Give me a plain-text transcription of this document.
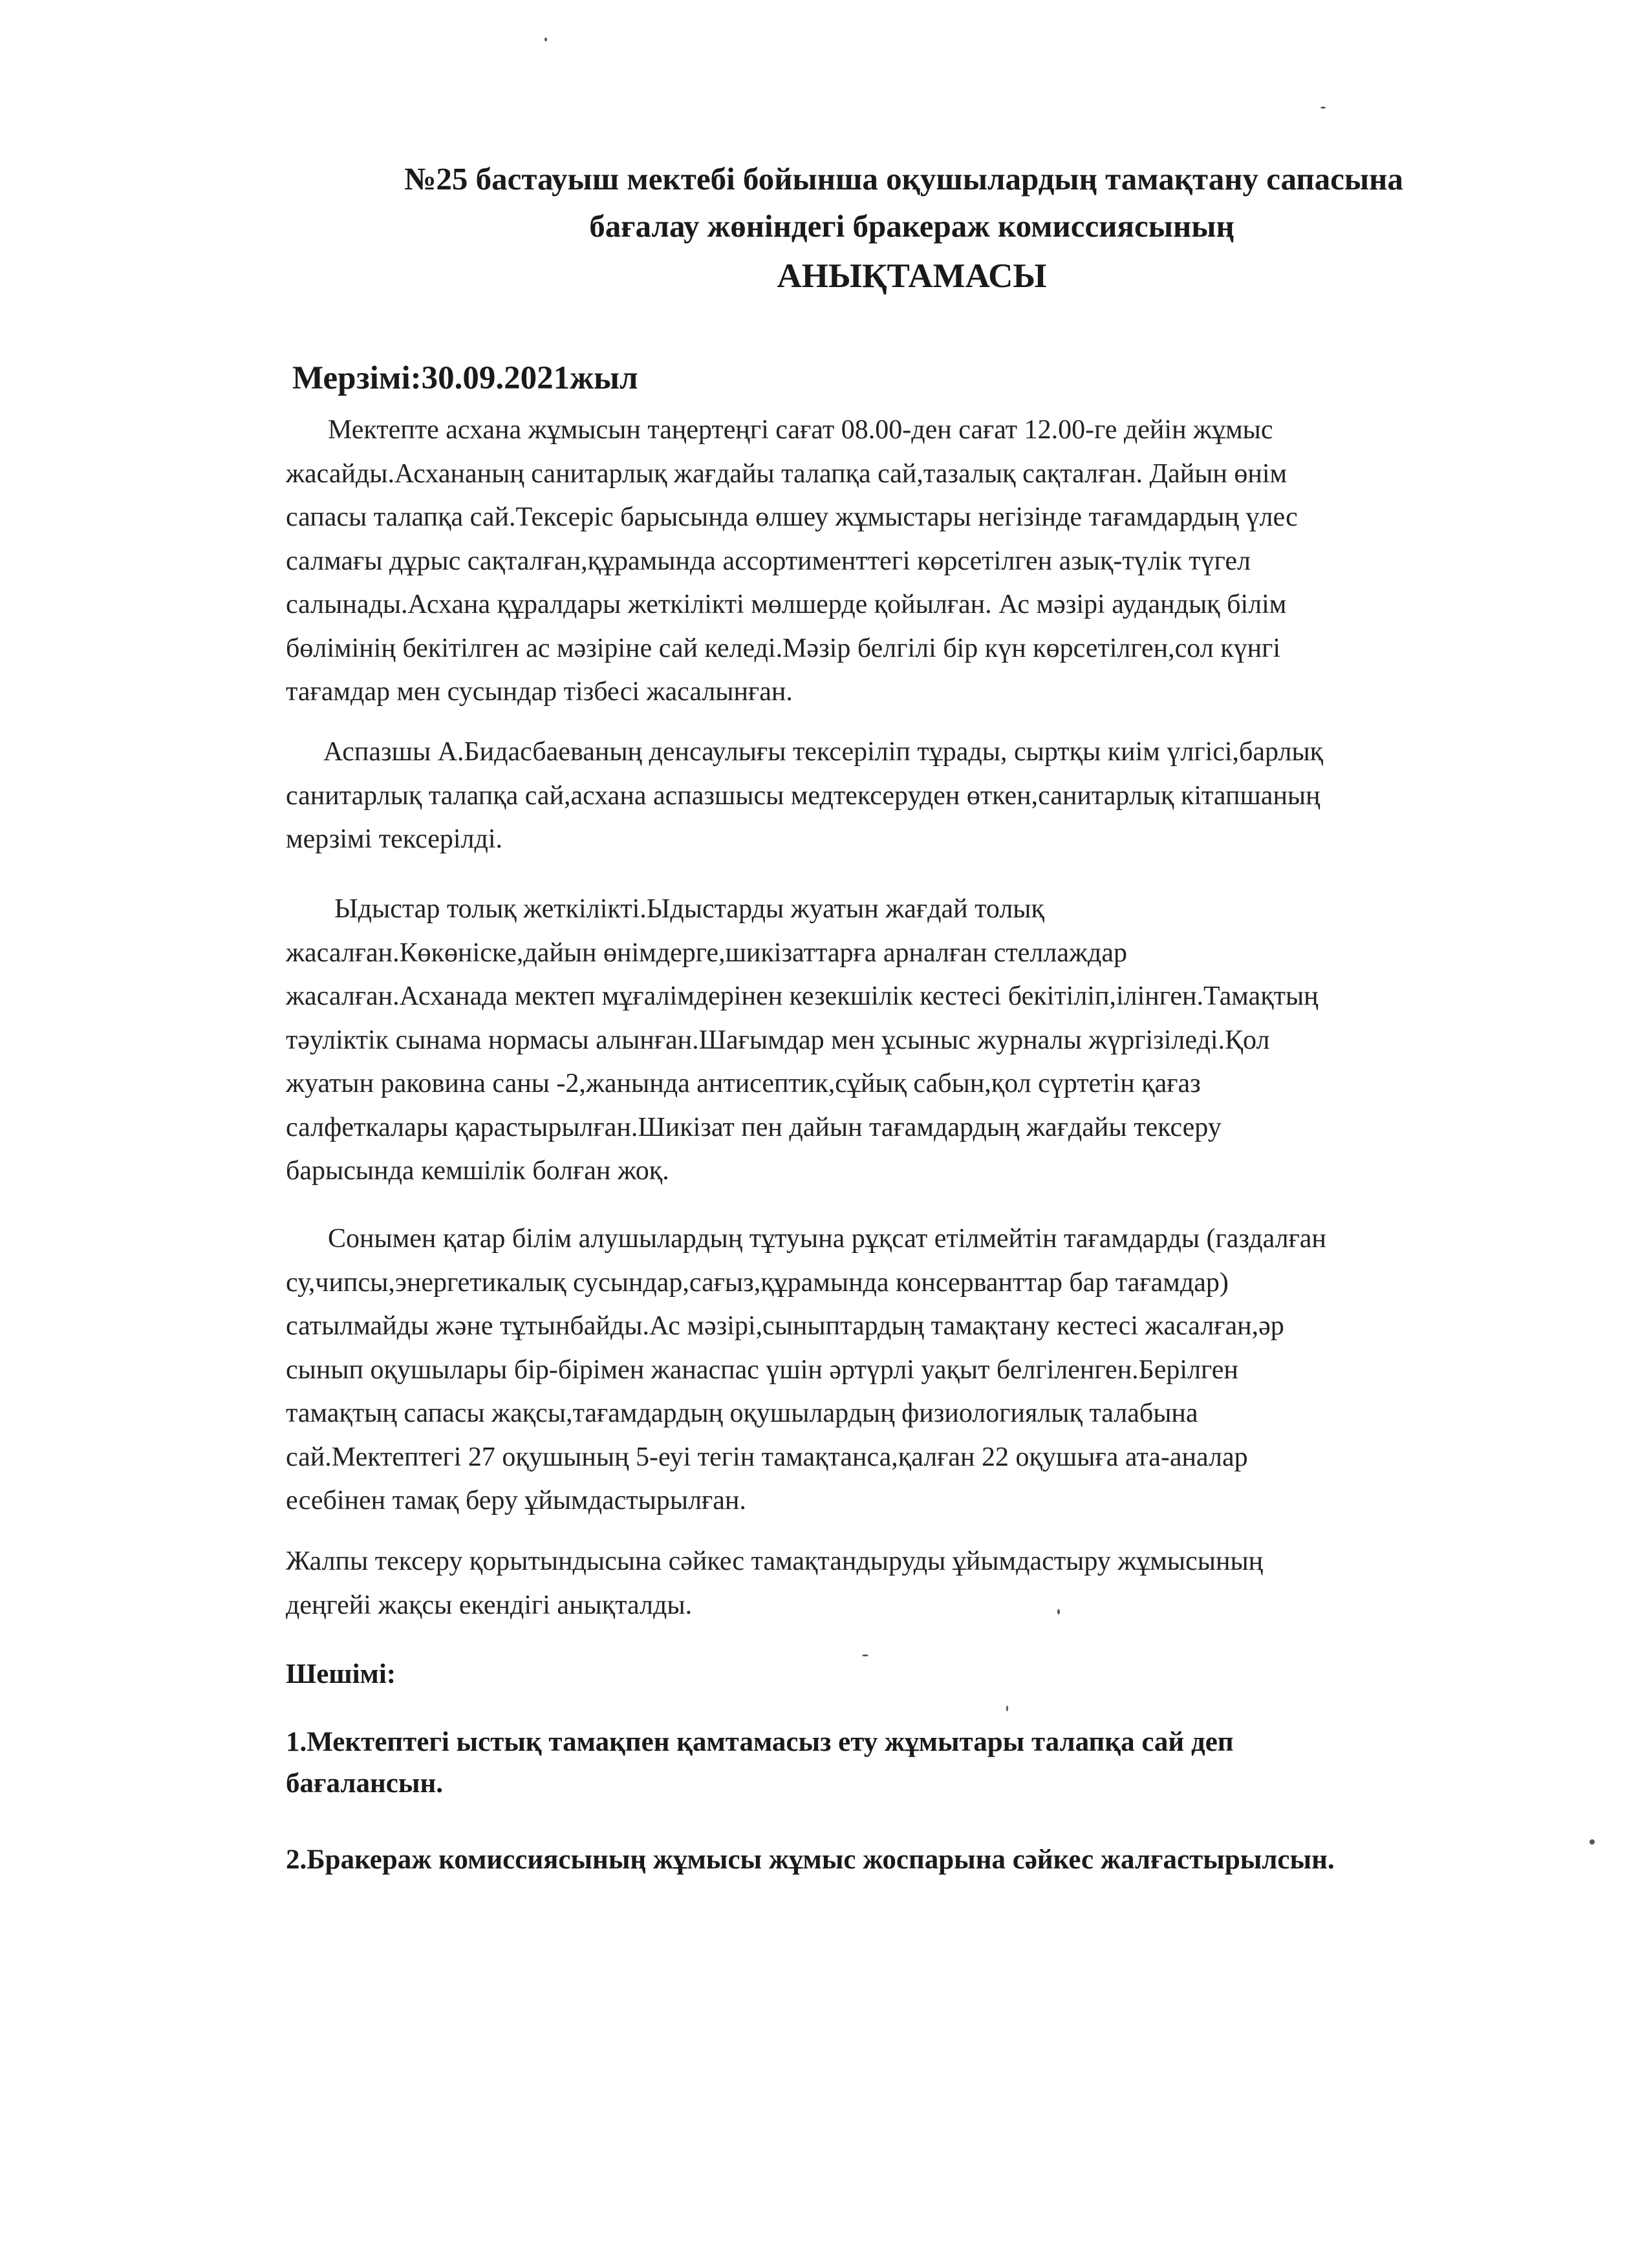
№25 бастауыш мектебі бойынша оқушылардың тамақтану сапасына
бағалау жөніндегі бракераж комиссиясының
АНЫҚТАМАСЫ
Мерзімі:30.09.2021жыл
Мектепте асхана жұмысын таңертеңгі сағат 08.00-ден сағат 12.00-ге дейін жұмыс
жасайды.Асхананың санитарлық жағдайы талапқа сай,тазалық сақталған. Дайын өнім
сапасы талапқа сай.Тексеріс барысында өлшеу жұмыстары негізінде тағамдардың үлес
салмағы дұрыс сақталған,құрамында ассортименттегі көрсетілген азық-түлік түгел
салынады.Асхана құралдары жеткілікті мөлшерде қойылған. Ас мәзірі аудандық білім
бөлімінің бекітілген ас мәзіріне сай келеді.Мәзір белгілі бір күн көрсетілген,сол күнгі
тағамдар мен сусындар тізбесі жасалынған.
Аспазшы А.Бидасбаеваның денсаулығы тексеріліп тұрады, сыртқы киім үлгісі,барлық
санитарлық талапқа сай,асхана аспазшысы медтексеруден өткен,санитарлық кітапшаның
мерзімі тексерілді.
Ыдыстар толық жеткілікті.Ыдыстарды жуатын жағдай толық
жасалған.Көкөніске,дайын өнімдерге,шикізаттарға арналған стеллаждар
жасалған.Асханада мектеп мұғалімдерінен кезекшілік кестесі бекітіліп,ілінген.Тамақтың
тәуліктік сынама нормасы алынған.Шағымдар мен ұсыныс журналы жүргізіледі.Қол
жуатын раковина саны -2,жанында антисептик,сұйық сабын,қол сүртетін қағаз
салфеткалары қарастырылған.Шикізат пен дайын тағамдардың жағдайы тексеру
барысында кемшілік болған жоқ.
Сонымен қатар білім алушылардың тұтуына рұқсат етілмейтін тағамдарды (газдалған
су,чипсы,энергетикалық сусындар,сағыз,құрамында консерванттар бар тағамдар)
сатылмайды және тұтынбайды.Ас мәзірі,сыныптардың тамақтану кестесі жасалған,әр
сынып оқушылары бір-бірімен жанаспас үшін әртүрлі уақыт белгіленген.Берілген
тамақтың сапасы жақсы,тағамдардың оқушылардың физиологиялық талабына
сай.Мектептегі 27 оқушының 5-еуі тегін тамақтанса,қалған 22 оқушыға ата-аналар
есебінен тамақ беру ұйымдастырылған.
Жалпы тексеру қорытындысына сәйкес тамақтандыруды ұйымдастыру жұмысының
деңгейі жақсы екендігі анықталды.
Шешімі:
1.Мектептегі ыстық тамақпен қамтамасыз ету жұмытары талапқа сай деп
бағалансын.
2.Бракераж комиссиясының жұмысы жұмыс жоспарына сәйкес жалғастырылсын.
